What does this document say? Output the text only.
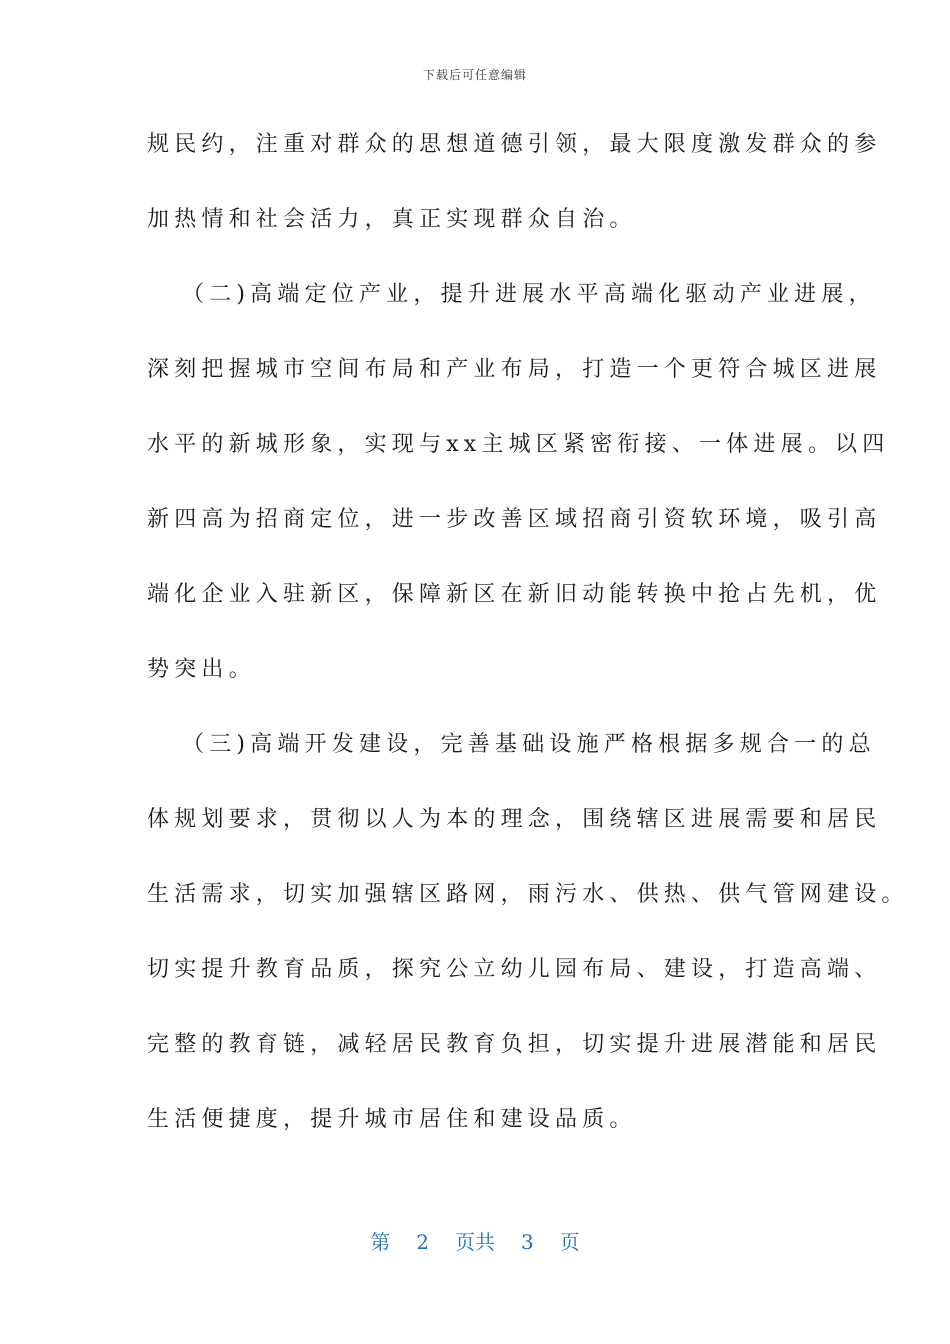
下载后可任意编辑
规民约，注重对群众的思想道德引领，最大限度激发群众的参
加热情和社会活力，真正实现群众自治。
（二)高端定位产业，提升进展水平高端化驱动产业进展，
深刻把握城市空间布局和产业布局，打造一个更符合城区进展
水平的新城形象，实现与xx主城区紧密衔接、一体进展。以四
新四高为招商定位，进一步改善区域招商引资软环境，吸引高
端化企业入驻新区，保障新区在新旧动能转换中抢占先机，优
势突出。
（三)高端开发建设，完善基础设施严格根据多规合一的总
体规划要求，贯彻以人为本的理念，围绕辖区进展需要和居民
生活需求，切实加强辖区路网，雨污水、供热、供气管网建设。
切实提升教育品质，探究公立幼儿园布局、建设，打造高端、
完整的教育链，减轻居民教育负担，切实提升进展潜能和居民
生活便捷度，提升城市居住和建设品质。
第 2 页共 3 页
